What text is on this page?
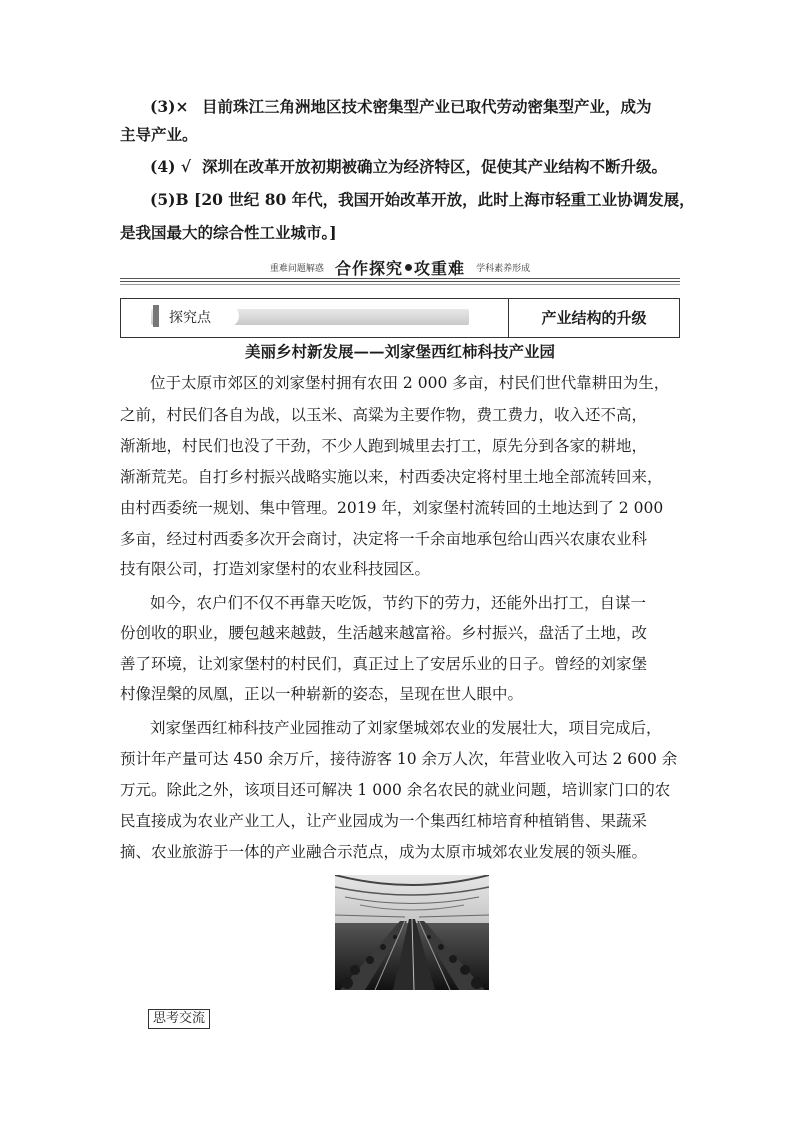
(3)× 目前珠江三角洲地区技术密集型产业已取代劳动密集型产业，成为
主导产业。
(4) √ 深圳在改革开放初期被确立为经济特区，促使其产业结构不断升级。
(5)B [20 世纪 80 年代，我国开始改革开放，此时上海市轻重工业协调发展，
是我国最大的综合性工业城市。]
重难问题解惑 合作探究 攻重难 学科素养形成
探究点	产业结构的升级
美丽乡村新发展——刘家堡西红柿科技产业园
位于太原市郊区的刘家堡村拥有农田 2 000 多亩，村民们世代靠耕田为生，
之前，村民们各自为战，以玉米、高粱为主要作物，费工费力，收入还不高，
渐渐地，村民们也没了干劲，不少人跑到城里去打工，原先分到各家的耕地，
渐渐荒芜。自打乡村振兴战略实施以来，村西委决定将村里土地全部流转回来，
由村西委统一规划、集中管理。2019 年，刘家堡村流转回的土地达到了 2 000
多亩，经过村西委多次开会商讨，决定将一千余亩地承包给山西兴农康农业科
技有限公司，打造刘家堡村的农业科技园区。
如今，农户们不仅不再靠天吃饭，节约下的劳力，还能外出打工，自谋一
份创收的职业，腰包越来越鼓，生活越来越富裕。乡村振兴，盘活了土地，改
善了环境，让刘家堡村的村民们，真正过上了安居乐业的日子。曾经的刘家堡
村像涅槃的凤凰，正以一种崭新的姿态，呈现在世人眼中。
刘家堡西红柿科技产业园推动了刘家堡城郊农业的发展壮大，项目完成后，
预计年产量可达 450 余万斤，接待游客 10 余万人次，年营业收入可达 2 600 余
万元。除此之外，该项目还可解决 1 000 余名农民的就业问题，培训家门口的农
民直接成为农业产业工人，让产业园成为一个集西红柿培育种植销售、果蔬采
摘、农业旅游于一体的产业融合示范点，成为太原市城郊农业发展的领头雁。
思考交流
